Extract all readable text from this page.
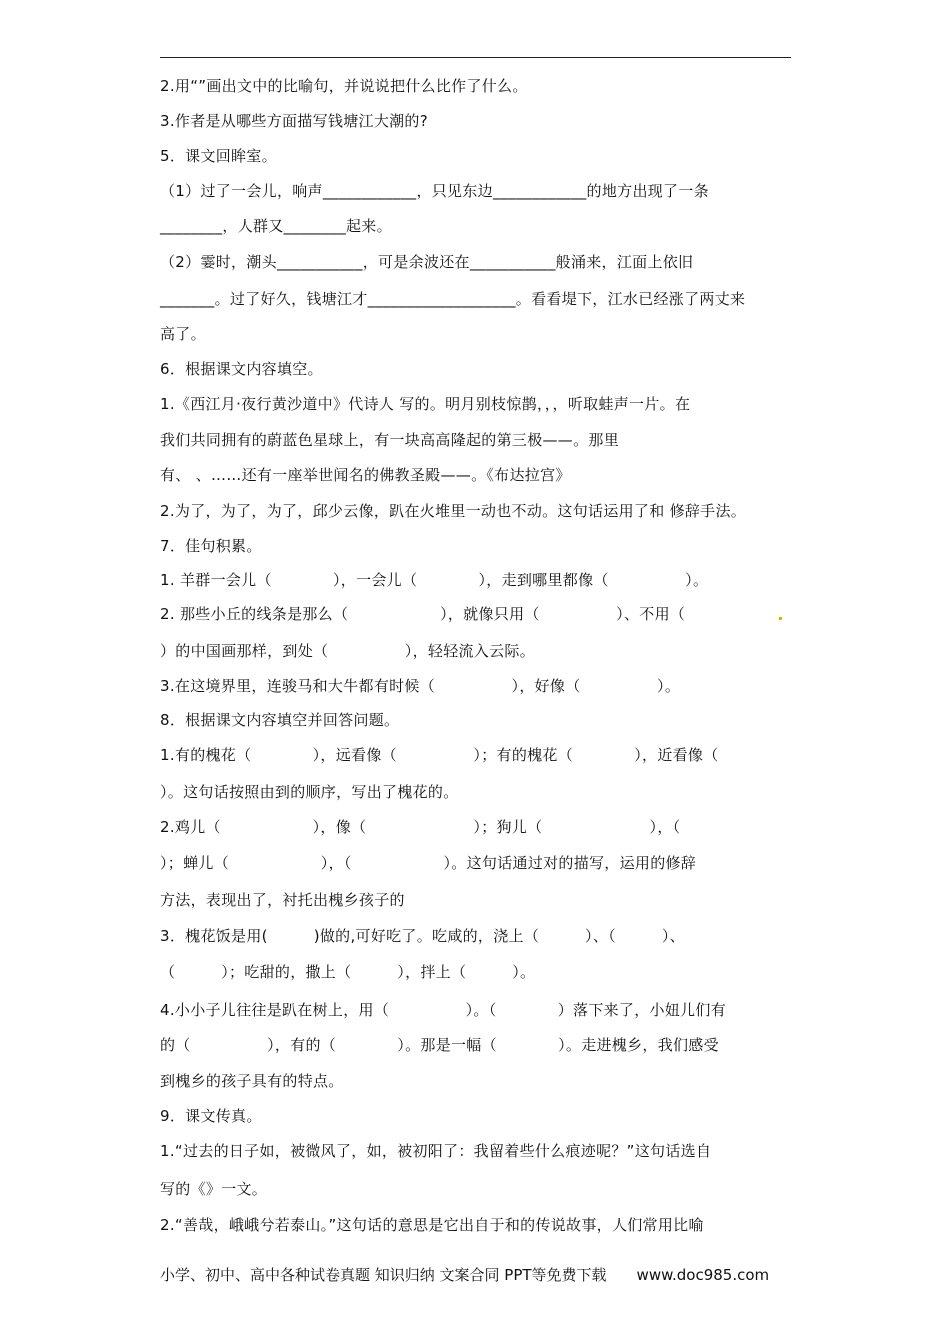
2.用“”画出文中的比喻句，并说说把什么比作了什么。
3.作者是从哪些方面描写钱塘江大潮的?
5．课文回眸室。
（1）过了一会儿，响声____________，只见东边____________的地方出现了一条
________，人群又________起来。
（2）霎时，潮头___________，可是余波还在___________般涌来，江面上依旧
_______。过了好久，钱塘江才___________________。看看堤下，江水已经涨了两丈来
高了。
6．根据课文内容填空。
1.《西江月·夜行黄沙道中》代诗人 写的。明月别枝惊鹊，，，听取蛙声一片。在
我们共同拥有的蔚蓝色星球上，有一块高高隆起的第三极——。那里
有、 、……还有一座举世闻名的佛教圣殿——。《布达拉宫》
2.为了，为了，为了，邱少云像，趴在火堆里一动也不动。这句话运用了和 修辞手法。
7．佳句积累。
1. 羊群一会儿（　　　　），一会儿（　　　　），走到哪里都像（　　　　　）。
2. 那些小丘的线条是那么（　　　　　　），就像只用（　　　　　）、不用（
）的中国画那样，到处（　　　　　），轻轻流入云际。
3.在这境界里，连骏马和大牛都有时候（　　　　　），好像（　　　　　）。
8．根据课文内容填空并回答问题。
1.有的槐花（　　　　），远看像（　　　　　）；有的槐花（　　　　），近看像（
）。这句话按照由到的顺序，写出了槐花的。
2.鸡儿（　　　　　　），像（　　　　　　　）；狗儿（　　　　　　　），（
）；蝉儿（　　　　　　），（　　　　　　）。这句话通过对的描写，运用的修辞
方法，表现出了，衬托出槐乡孩子的
3．槐花饭是用(　　　)做的,可好吃了。吃咸的，浇上（　　　）、（　　　）、
（　　　）；吃甜的，撒上（　　　），拌上（　　　）。
4.小小子儿往往是趴在树上，用（　　　　　）。（　　　　）落下来了，小妞儿们有
的（　　　　　），有的（　　　　）。那是一幅（　　　　）。走进槐乡，我们感受
到槐乡的孩子具有的特点。
9．课文传真。
1.“过去的日子如，被微风了，如，被初阳了：我留着些什么痕迹呢？”这句话选自
写的《》一文。
2.“善哉，峨峨兮若泰山。”这句话的意思是它出自于和的传说故事，人们常用比喻
小学、初中、高中各种试卷真题 知识归纳 文案合同 PPT等免费下载　　www.doc985.com
